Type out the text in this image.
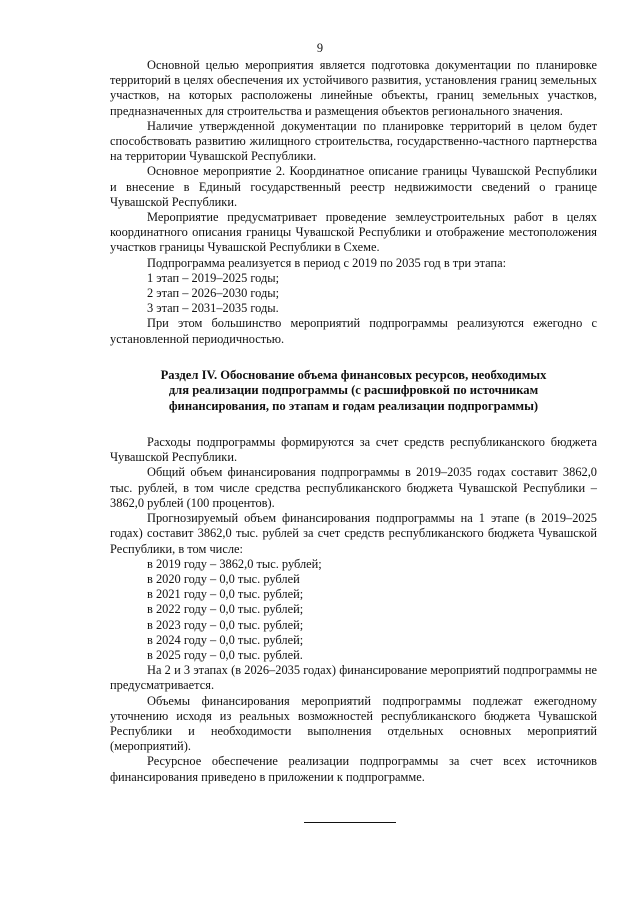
9

Основной целью мероприятия является подготовка документации по планировке территорий в целях обеспечения их устойчивого развития, установления границ земельных участков, на которых расположены линейные объекты, границ земельных участков, предназначенных для строительства и размещения объектов регионального значения.

Наличие утвержденной документации по планировке территорий в целом будет способствовать развитию жилищного строительства, государственно-частного партнерства на территории Чувашской Республики.

Основное мероприятие 2. Координатное описание границы Чувашской Республики и внесение в Единый государственный реестр недвижимости сведений о границе Чувашской Республики.

Мероприятие предусматривает проведение землеустроительных работ в целях координатного описания границы Чувашской Республики и отображение местоположения участков границы Чувашской Республики в Схеме.

Подпрограмма реализуется в период с 2019 по 2035 год в три этапа:

1 этап – 2019–2025 годы;

2 этап – 2026–2030 годы;

3 этап – 2031–2035 годы.

При этом большинство мероприятий подпрограммы реализуются ежегодно с установленной периодичностью.

Раздел IV. Обоснование объема финансовых ресурсов, необходимых
для реализации подпрограммы (с расшифровкой по источникам
финансирования, по этапам и годам реализации подпрограммы)

Расходы подпрограммы формируются за счет средств республиканского бюджета Чувашской Республики.

Общий объем финансирования подпрограммы в 2019–2035 годах составит 3862,0 тыс. рублей, в том числе средства республиканского бюджета Чувашской Республики – 3862,0 рублей (100 процентов).

Прогнозируемый объем финансирования подпрограммы на 1 этапе (в 2019–2025 годах) составит 3862,0 тыс. рублей за счет средств республиканского бюджета Чувашской Республики, в том числе:

в 2019 году – 3862,0 тыс. рублей;

в 2020 году – 0,0 тыс. рублей

в 2021 году – 0,0 тыс. рублей;

в 2022 году – 0,0 тыс. рублей;

в 2023 году – 0,0 тыс. рублей;

в 2024 году – 0,0 тыс. рублей;

в 2025 году – 0,0 тыс. рублей.

На 2 и 3 этапах (в 2026–2035 годах) финансирование мероприятий подпрограммы не предусматривается.

Объемы финансирования мероприятий подпрограммы подлежат ежегодному уточнению исходя из реальных возможностей республиканского бюджета Чувашской Республики и необходимости выполнения отдельных основных мероприятий (мероприятий).

Ресурсное обеспечение реализации подпрограммы за счет всех источников финансирования приведено в приложении к подпрограмме.
